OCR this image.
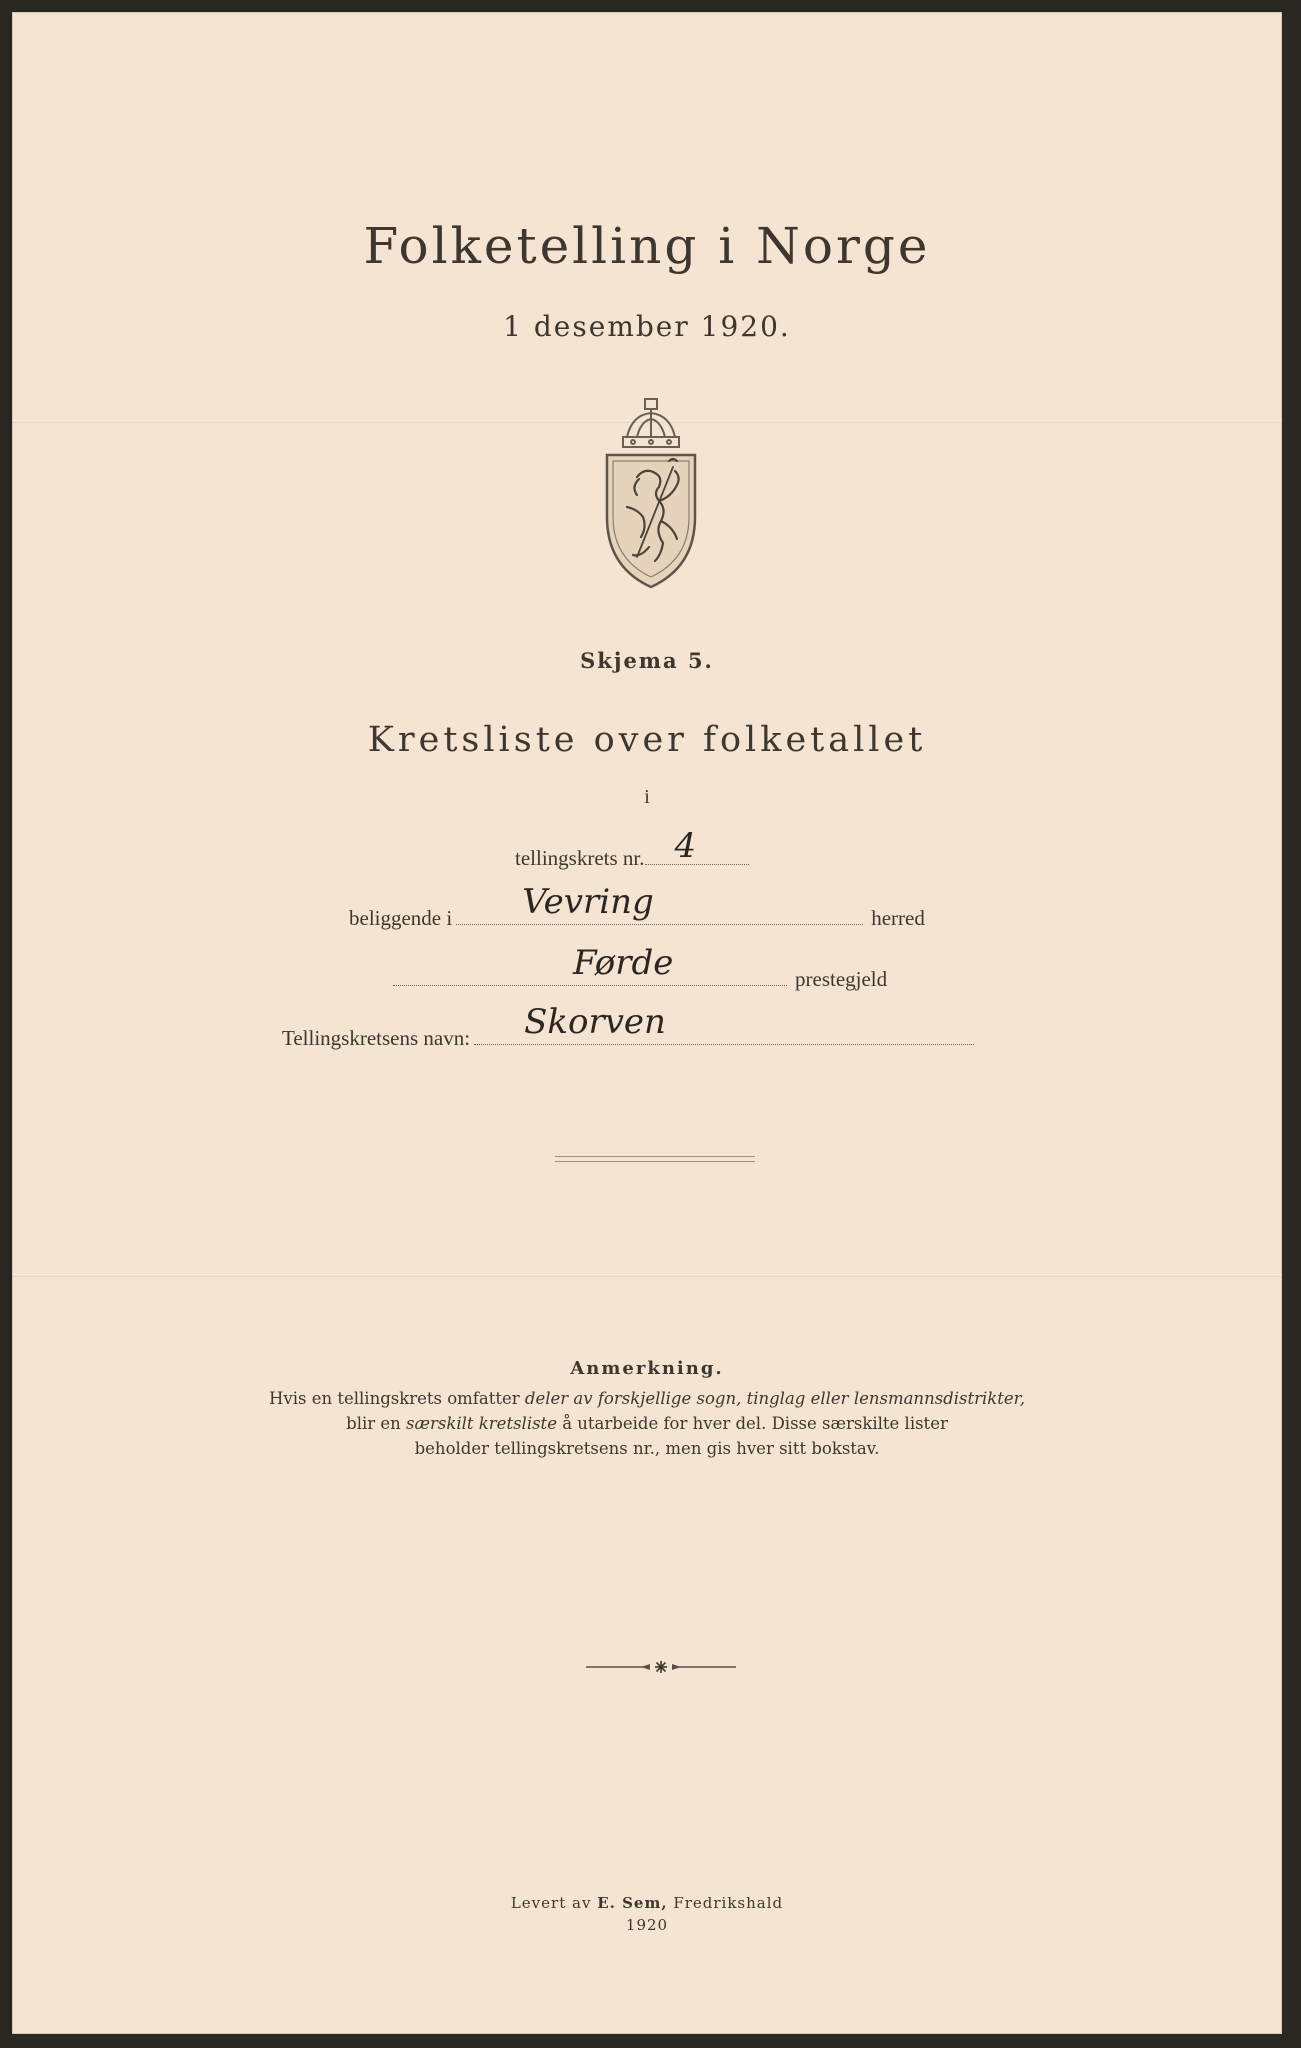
Folketelling i Norge
1 desember 1920.
Skjema 5.
Kretsliste over folketallet
i
tellingskrets nr. 4
beliggende i Vevring	herred
Førde	prestegjeld
Tellingskretsens navn: Skorven
Anmerkning.
Hvis en tellingskrets omfatter deler av forskjellige sogn, tinglag eller lensmannsdistrikter,
blir en særskilt kretsliste å utarbeide for hver del. Disse særskilte lister
beholder tellingskretsens nr., men gis hver sitt bokstav.
Levert av E. Sem, Fredrikshald
1920
